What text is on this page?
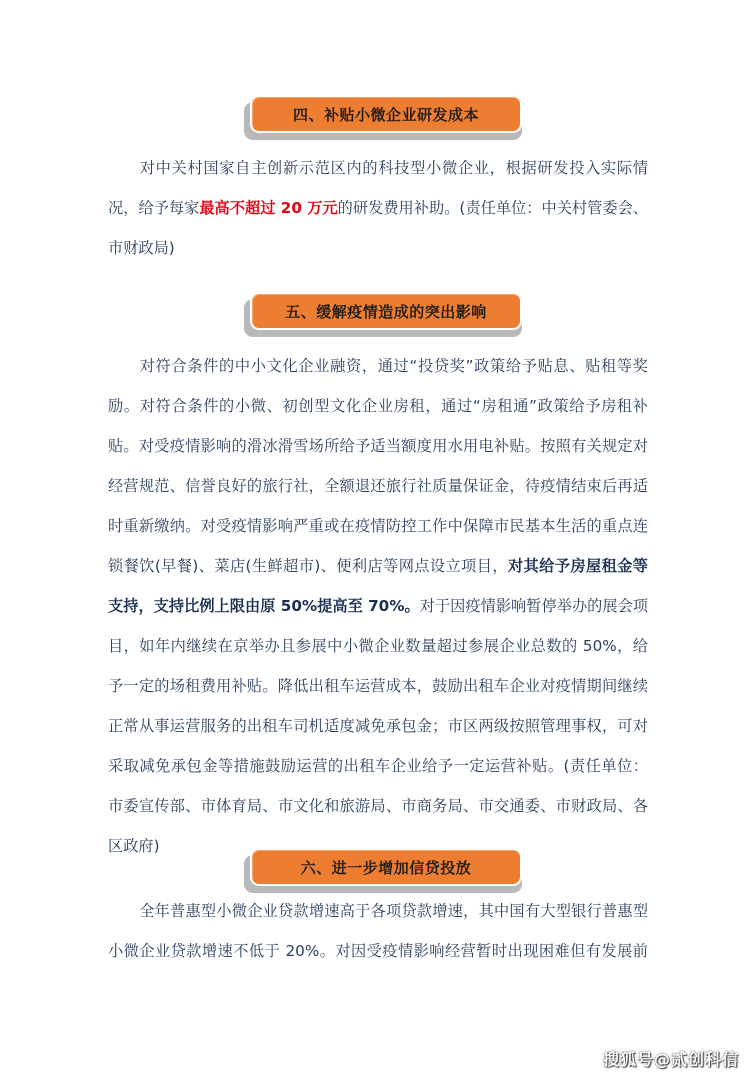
四、补贴小微企业研发成本
对中关村国家自主创新示范区内的科技型小微企业，根据研发投入实际情
况，给予每家最高不超过 20 万元的研发费用补助。(责任单位：中关村管委会、
市财政局)
五、缓解疫情造成的突出影响
对符合条件的中小文化企业融资，通过“投贷奖”政策给予贴息、贴租等奖
励。对符合条件的小微、初创型文化企业房租，通过“房租通”政策给予房租补
贴。对受疫情影响的滑冰滑雪场所给予适当额度用水用电补贴。按照有关规定对
经营规范、信誉良好的旅行社，全额退还旅行社质量保证金，待疫情结束后再适
时重新缴纳。对受疫情影响严重或在疫情防控工作中保障市民基本生活的重点连
锁餐饮(早餐)、菜店(生鲜超市)、便利店等网点设立项目，对其给予房屋租金等
支持，支持比例上限由原 50%提高至 70%。对于因疫情影响暂停举办的展会项
目，如年内继续在京举办且参展中小微企业数量超过参展企业总数的 50%，给
予一定的场租费用补贴。降低出租车运营成本，鼓励出租车企业对疫情期间继续
正常从事运营服务的出租车司机适度减免承包金；市区两级按照管理事权，可对
采取减免承包金等措施鼓励运营的出租车企业给予一定运营补贴。(责任单位：
市委宣传部、市体育局、市文化和旅游局、市商务局、市交通委、市财政局、各
区政府)
六、进一步增加信贷投放
全年普惠型小微企业贷款增速高于各项贷款增速，其中国有大型银行普惠型
小微企业贷款增速不低于 20%。对因受疫情影响经营暂时出现困难但有发展前
搜狐号@贰创科信
